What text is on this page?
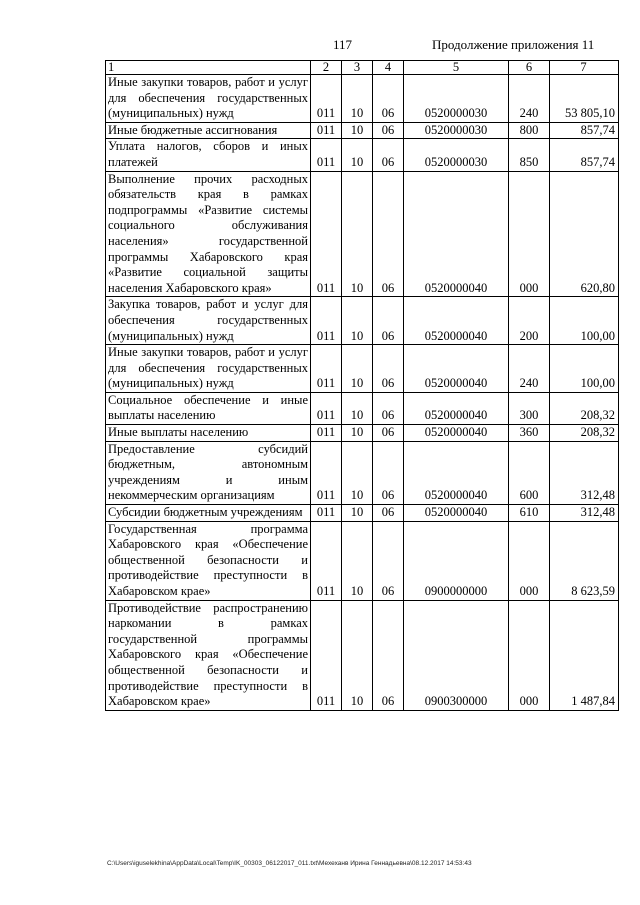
117	Продолжение приложения 11
1	2	3	4	5	6	7
Иные закупки товаров, работ и услуг для обеспечения государственных (муниципальных) нужд	011	10	06	0520000030	240	53 805,10
Иные бюджетные ассигнования	011	10	06	0520000030	800	857,74
Уплата налогов, сборов и иных платежей	011	10	06	0520000030	850	857,74
Выполнение прочих расходных обязательств края в рамках подпрограммы «Развитие системы социального обслуживания населения» государственной программы Хабаровского края «Развитие социальной защиты населения Хабаровского края»	011	10	06	0520000040	000	620,80
Закупка товаров, работ и услуг для обеспечения государственных (муниципальных) нужд	011	10	06	0520000040	200	100,00
Иные закупки товаров, работ и услуг для обеспечения государственных (муниципальных) нужд	011	10	06	0520000040	240	100,00
Социальное обеспечение и иные выплаты населению	011	10	06	0520000040	300	208,32
Иные выплаты населению	011	10	06	0520000040	360	208,32
Предоставление субсидий бюджетным, автономным учреждениям и иным некоммерческим организациям	011	10	06	0520000040	600	312,48
Субсидии бюджетным учреждениям	011	10	06	0520000040	610	312,48
Государственная программа Хабаровского края «Обеспечение общественной безопасности и противодействие преступности в Хабаровском крае»	011	10	06	0900000000	000	8 623,59
Противодействие распространению наркомании в рамках государственной программы Хабаровского края «Обеспечение общественной безопасности и противодействие преступности в Хабаровском крае»	011	10	06	0900300000	000	1 487,84
C:\Users\iguselekhina\AppData\Local\Temp\IK_00303_06122017_011.txt\Мехеханв Ирина Геннадьевна\08.12.2017 14:53:43
